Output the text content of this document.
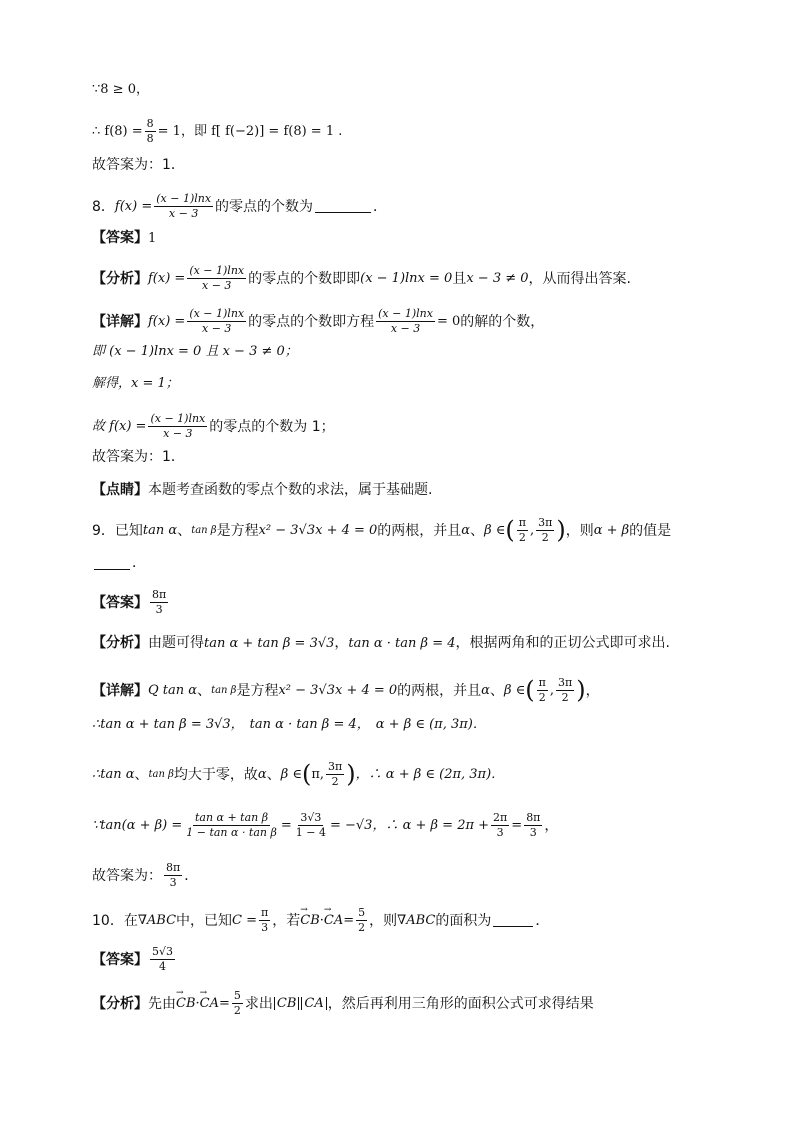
∵8 ≥ 0，
∴ $f(8) = \frac{8}{8} = 1$，即 f[ f(−2)] = f(8) = 1 .
故答案为：1．
8． $f(x) = \frac{(x - 1)\ln x}{x - 3}$ 的零点的个数为	．
【答案】 1
【分析】 $f(x) = \frac{(x - 1)\ln x}{x - 3}$ 的零点的个数即即 (x − 1)lnx = 0 且 x − 3 ≠ 0 ，从而得出答案.
【详解】 $f(x) = \frac{(x - 1)\ln x}{x - 3}$ 的零点的个数即方程 $\frac{(x - 1)\ln x}{x - 3} = 0$ 的解的个数，
即 (x − 1)lnx = 0 且 x − 3 ≠ 0；
解得，x = 1；
故 $f(x) = \frac{(x - 1)\ln x}{x - 3}$ 的零点的个数为 1；
故答案为：1．
【点睛】 本题考查函数的零点个数的求法，属于基础题.
9．已知 tan α 、 tan β 是方程 x² − 3√3x + 4 = 0 的两根，并且 α 、 β ∈ ( $\frac{\pi}{2}$ , $\frac{3\pi}{2}$ ) ，则 α + β 的值是
．
【答案】 $\frac{8\pi}{3}$
【分析】 由题可得 tan α + tan β = 3√3 ， tan α · tan β = 4 ，根据两角和的正切公式即可求出.
【详解】 Q tan α 、 tan β 是方程 x² − 3√3x + 4 = 0 的两根，并且 α 、 β ∈ ( $\frac{\pi}{2}$ , $\frac{3\pi}{2}$ ) ，
∴tan α + tan β = 3√3， tan α · tan β = 4， α + β ∈ (π, 3π)．
∴tan α 、 tan β 均大于零，故 α 、 β ∈ ( π, $\frac{3\pi}{2}$ ) ，∴ α + β ∈ (2π, 3π)．
∵tan(α + $\beta) = \frac{\text{tan α + tan β}}{\text{1 − tan α · tan β}} = \frac{3√3}{1 - 4} = -√3$，∴ $\alpha + \beta = 2\pi + \frac{2\pi}{3} = \frac{8\pi}{3}$ ，
故答案为： $\frac{8\pi}{3}$ ．
10．在 ∇ABC 中，已知 $C = \frac{\pi}{3}$ ，若 → CB · → CA = $\frac{5}{2}$ ，则 ∇ABC 的面积为	．
【答案】 $\frac{5√3}{4}$
【分析】 先由 → CB · → CA = $\frac{5}{2}$ 求出 CB CA ，然后再利用三角形的面积公式可求得结果
